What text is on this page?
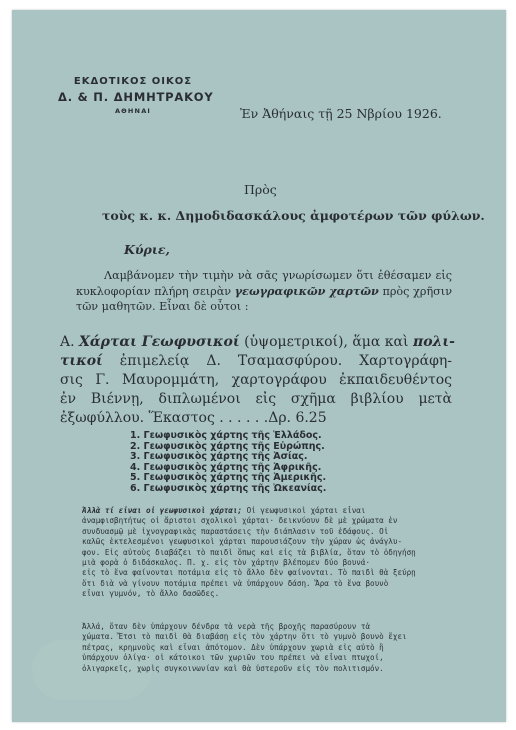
ΕΚΔΟΤΙΚΟΣ ΟΙΚΟΣ
Δ. & Π. ΔΗΜΗΤΡΑΚΟΥ
ΑΘΗΝΑΙ	Ἐν Ἀθήναις τῇ 25 Νβρίου 1926.
Πρὸς
τοὺς κ. κ. Δημοδιδασκάλους ἀμφοτέρων τῶν φύλων.
Κύριε,
Λαμβάνομεν τὴν τιμὴν νὰ σᾶς γνωρίσωμεν ὅτι ἐθέσαμεν εἰς
κυκλοφορίαν πλήρη σειρὰν γεωγραφικῶν χαρτῶν πρὸς χρῆσιν
τῶν μαθητῶν. Εἶναι δὲ οὗτοι :
Α. Χάρται Γεωφυσικοί (ὑψομετρικοί), ἅμα καὶ πολι-
τικοί ἐπιμελείᾳ Δ. Τσαμασφύρου. Χαρτογράφη-
σις Γ. Μαυρομμάτη, χαρτογράφου ἐκπαιδευθέντος
ἐν Βιέννῃ, διπλωμένοι εἰς σχῆμα βιβλίου μετὰ
ἐξωφύλλου. Ἕκαστος . . . . . .Δρ. 6.25
1. Γεωφυσικὸς χάρτης τῆς Ἑλλάδος.
2. Γεωφυσικὸς χάρτης τῆς Εὐρώπης.
3. Γεωφυσικὸς χάρτης τῆς Ἀσίας.
4. Γεωφυσικὸς χάρτης τῆς Ἀφρικῆς.
5. Γεωφυσικὸς χάρτης τῆς Ἀμερικῆς.
6. Γεωφυσικὸς χάρτης τῆς Ὠκεανίας.
Ἀλλὰ τί εἶναι οἱ γεωφυσικοὶ χάρται; Οἱ γεωφυσικοὶ χάρται εἶναι
ἀναμφισβητήτως οἱ ἄριστοι σχολικοὶ χάρται· δεικνύουν δὲ μὲ χρώματα ἐν
συνδυασμῷ μὲ ἰχνογραφικὰς παραστάσεις τὴν διάπλασιν τοῦ ἐδάφους. Οἱ
καλῶς ἐκτελεσμένοι γεωφυσικοὶ χάρται παρουσιάζουν τὴν χώραν ὡς ἀνάγλυ-
φον. Εἰς αὐτοὺς διαβάζει τὸ παιδὶ ὅπως καὶ εἰς τὰ βιβλία, ὅταν τὸ ὁδηγήσῃ
μιὰ φορὰ ὁ διδάσκαλος. Π. χ. εἰς τὸν χάρτην βλέπομεν δύο βουνά·
εἰς τὸ ἕνα φαίνονται ποτάμια εἰς τὸ ἄλλο δὲν φαίνονται. Τὸ παιδὶ θὰ ξεύρῃ
ὅτι διὰ νὰ γίνουν ποτάμια πρέπει νὰ ὑπάρχουν δάση. Ἄρα τὸ ἕνα βουνὸ
εἶναι γυμνόν, τὸ ἄλλο δασῶδες.
Ἀλλά, ὅταν δὲν ὑπάρχουν δένδρα τὰ νερὰ τῆς βροχῆς παρασύρουν τὰ
χώματα. Ἔτσι τὸ παιδὶ θὰ διαβάσῃ εἰς τὸν χάρτην ὅτι τὸ γυμνὸ βουνὸ ἔχει
πέτρας, κρημνοὺς καὶ εἶναι ἀπότομον. Δὲν ὑπάρχουν χωριὰ εἰς αὐτὸ ἢ
ὑπάρχουν ὀλίγα· οἱ κάτοικοι τῶν χωριῶν του πρέπει νὰ εἶναι πτωχοί,
ὀλιγαρκεῖς, χωρὶς συγκοινωνίαν καὶ θὰ ὑστεροῦν εἰς τὸν πολιτισμόν.
